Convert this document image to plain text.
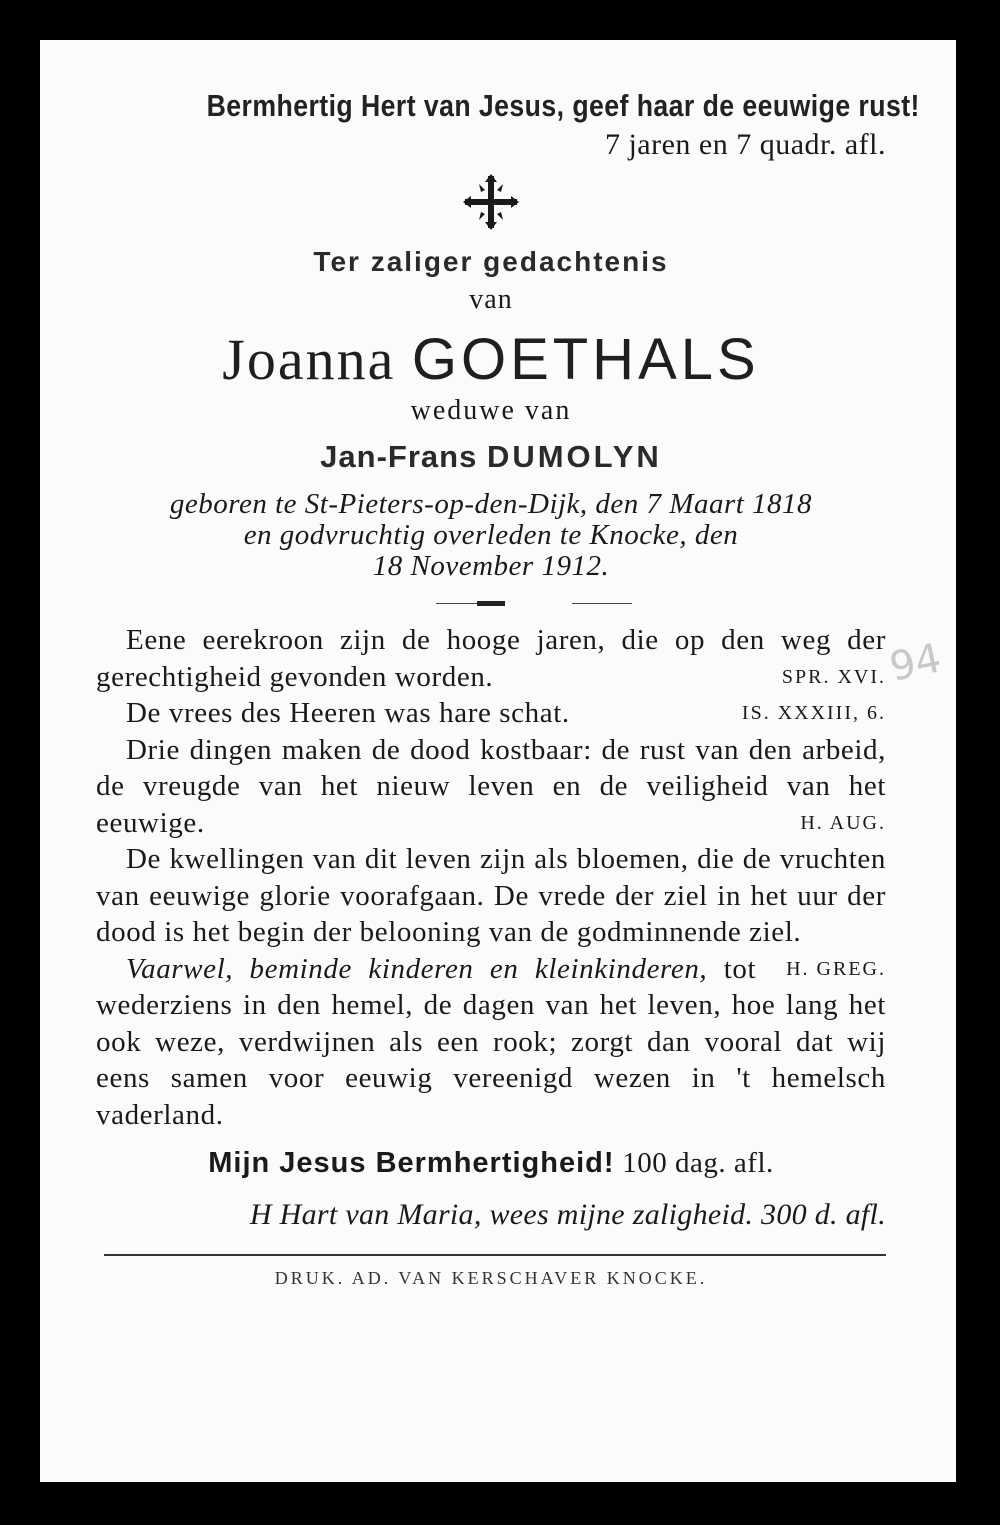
94
Bermhertig Hert van Jesus, geef haar de eeuwige rust!
7 jaren en 7 quadr. afl.
Ter zaliger gedachtenis
van
Joanna GOETHALS
weduwe van
Jan-Frans DUMOLYN
geboren te St-Pieters-op-den-Dijk, den 7 Maart 1818
en godvruchtig overleden te Knocke, den
18 November 1912.

Eene eerekroon zijn de hooge jaren, die op den weg der gerechtigheid gevonden worden.	SPR. XVI.

De vrees des Heeren was hare schat.	IS. XXXIII, 6.

Drie dingen maken de dood kostbaar: de rust van den arbeid, de vreugde van het nieuw leven en de veiligheid van het eeuwige.	H. AUG.

De kwellingen van dit leven zijn als bloemen, die de vruchten van eeuwige glorie voorafgaan. De vrede der ziel in het uur der dood is het begin der belooning van de godminnende ziel.
H. GREG.

Vaarwel, beminde kinderen en kleinkinderen, tot wederziens in den hemel, de dagen van het leven, hoe lang het ook weze, verdwijnen als een rook; zorgt dan vooral dat wij eens samen voor eeuwig vereenigd wezen in 't hemelsch vaderland.

Mijn Jesus Bermhertigheid! 100 dag. afl.
H Hart van Maria, wees mijne zaligheid. 300 d. afl.
DRUK. AD. VAN KERSCHAVER KNOCKE.
